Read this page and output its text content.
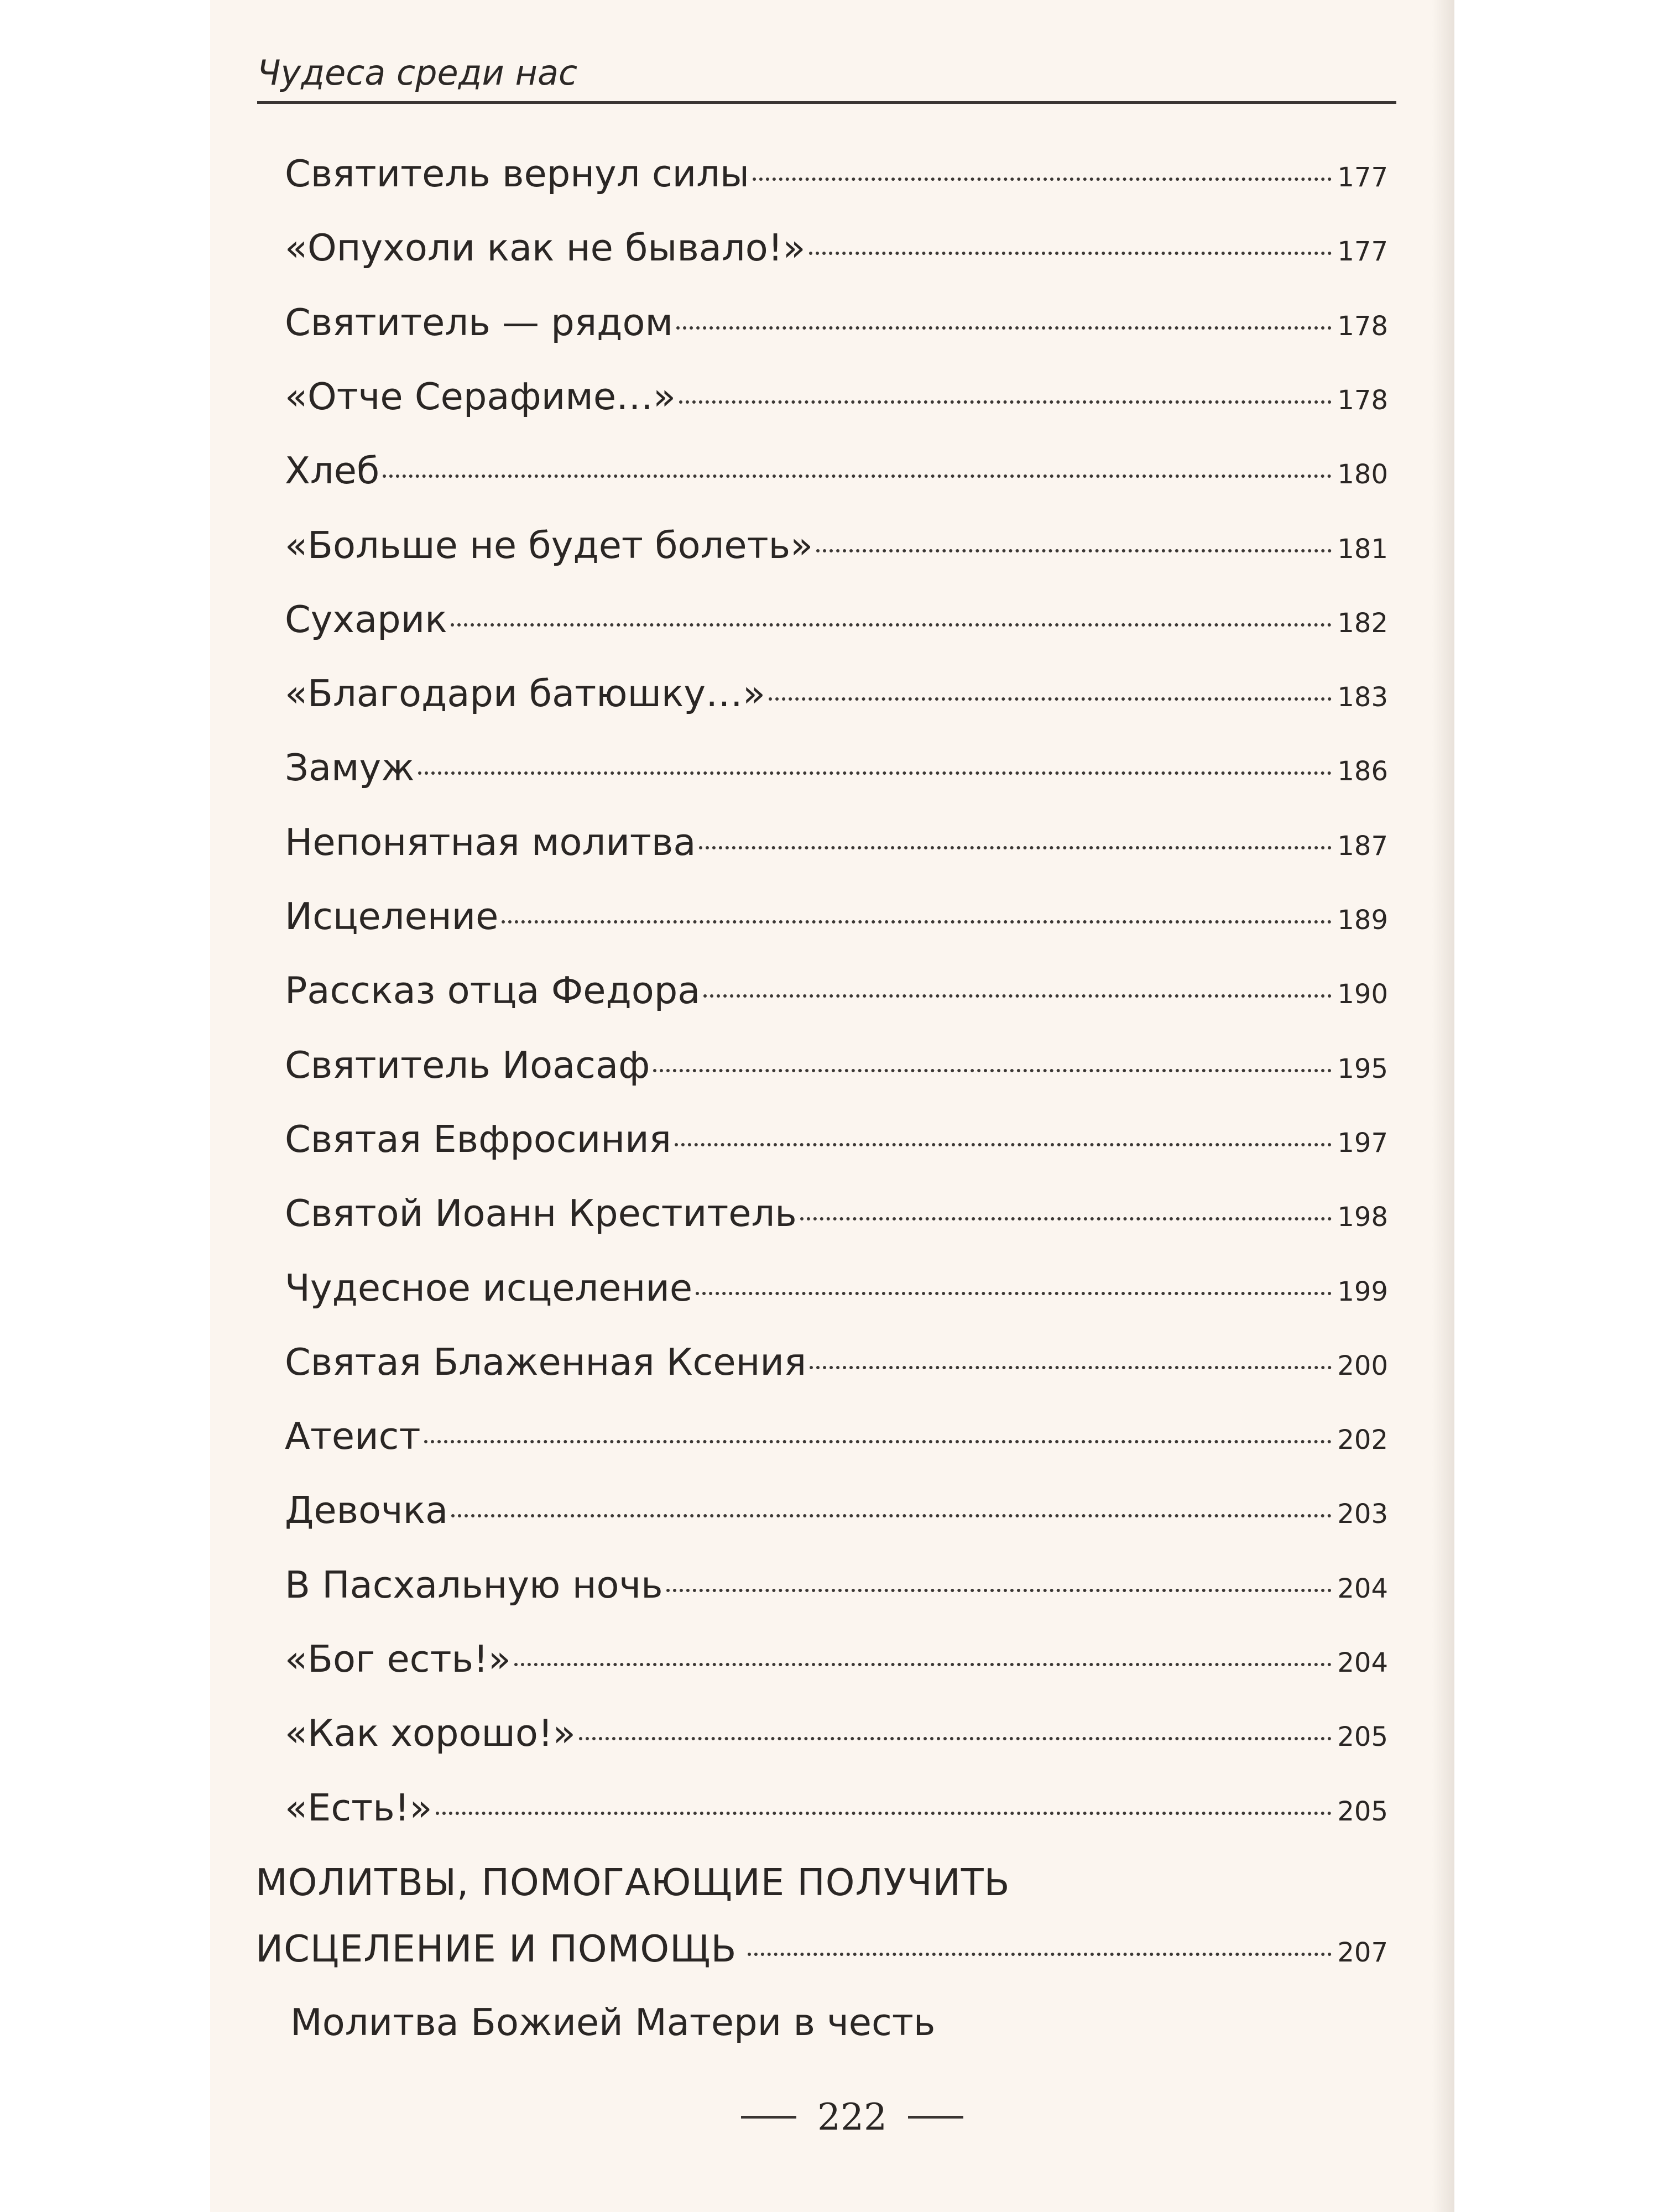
Чудеса среди нас
Святитель вернул силы	177
«Опухоли как не бывало!»	177
Святитель — рядом	178
«Отче Серафиме…»	178
Хлеб	180
«Больше не будет болеть»	181
Сухарик	182
«Благодари батюшку…»	183
Замуж	186
Непонятная молитва	187
Исцеление	189
Рассказ отца Федора	190
Святитель Иоасаф	195
Святая Евфросиния	197
Святой Иоанн Креститель	198
Чудесное исцеление	199
Святая Блаженная Ксения	200
Атеист	202
Девочка	203
В Пасхальную ночь	204
«Бог есть!»	204
«Как хорошо!»	205
«Есть!»	205
МОЛИТВЫ, ПОМОГАЮЩИЕ ПОЛУЧИТЬ
ИСЦЕЛЕНИЕ И ПОМОЩЬ	207
Молитва Божией Матери в честь
222
